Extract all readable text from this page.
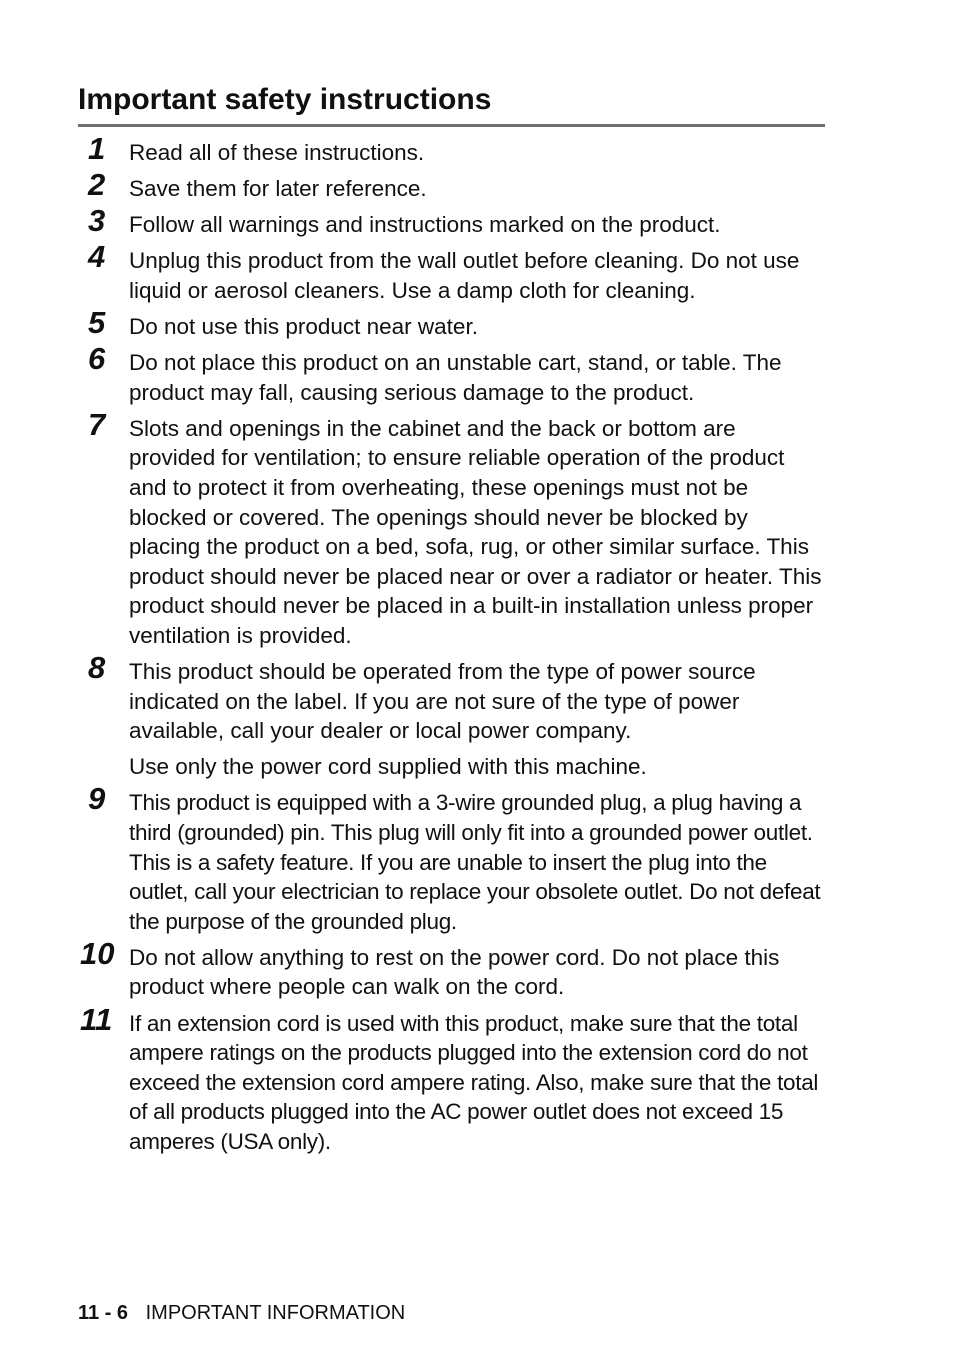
Important safety instructions
1 Read all of these instructions.
2 Save them for later reference.
3 Follow all warnings and instructions marked on the product.
4 Unplug this product from the wall outlet before cleaning. Do not use liquid or aerosol cleaners. Use a damp cloth for cleaning.
5 Do not use this product near water.
6 Do not place this product on an unstable cart, stand, or table. The product may fall, causing serious damage to the product.
7 Slots and openings in the cabinet and the back or bottom are provided for ventilation; to ensure reliable operation of the product and to protect it from overheating, these openings must not be blocked or covered. The openings should never be blocked by placing the product on a bed, sofa, rug, or other similar surface. This product should never be placed near or over a radiator or heater. This product should never be placed in a built-in installation unless proper ventilation is provided.
8 This product should be operated from the type of power source indicated on the label. If you are not sure of the type of power available, call your dealer or local power company.
Use only the power cord supplied with this machine.
9 This product is equipped with a 3-wire grounded plug, a plug having a third (grounded) pin. This plug will only fit into a grounded power outlet. This is a safety feature. If you are unable to insert the plug into the outlet, call your electrician to replace your obsolete outlet. Do not defeat the purpose of the grounded plug.
10 Do not allow anything to rest on the power cord. Do not place this product where people can walk on the cord.
11 If an extension cord is used with this product, make sure that the total ampere ratings on the products plugged into the extension cord do not exceed the extension cord ampere rating. Also, make sure that the total of all products plugged into the AC power outlet does not exceed 15 amperes (USA only).
11 - 6 IMPORTANT INFORMATION
